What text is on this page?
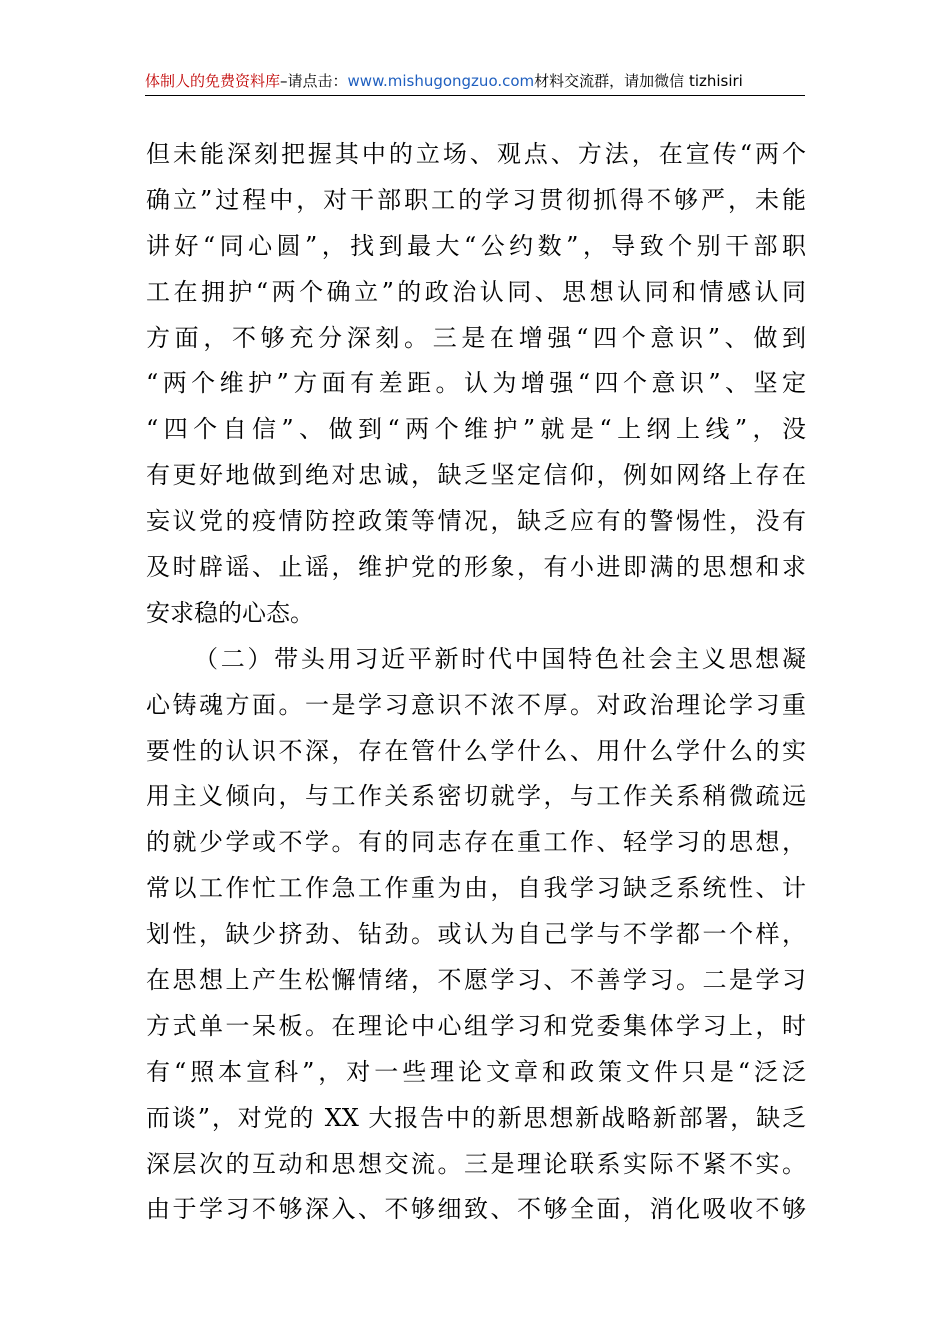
体制人的免费资料库–请点击：www.mishugongzuo.com材料交流群，请加微信 tizhisiri
但未能深刻把握其中的立场、观点、方法，在宣传“两个
确立”过程中，对干部职工的学习贯彻抓得不够严，未能
讲好“同心圆”，找到最大“公约数”，导致个别干部职
工在拥护“两个确立”的政治认同、思想认同和情感认同
方面，不够充分深刻。三是在增强“四个意识”、做到
“两个维护”方面有差距。认为增强“四个意识”、坚定
“四个自信”、做到“两个维护”就是“上纲上线”，没
有更好地做到绝对忠诚，缺乏坚定信仰，例如网络上存在
妄议党的疫情防控政策等情况，缺乏应有的警惕性，没有
及时辟谣、止谣，维护党的形象，有小进即满的思想和求
安求稳的心态。
（二）带头用习近平新时代中国特色社会主义思想凝
心铸魂方面。一是学习意识不浓不厚。对政治理论学习重
要性的认识不深，存在管什么学什么、用什么学什么的实
用主义倾向，与工作关系密切就学，与工作关系稍微疏远
的就少学或不学。有的同志存在重工作、轻学习的思想，
常以工作忙工作急工作重为由，自我学习缺乏系统性、计
划性，缺少挤劲、钻劲。或认为自己学与不学都一个样，
在思想上产生松懈情绪，不愿学习、不善学习。二是学习
方式单一呆板。在理论中心组学习和党委集体学习上，时
有“照本宣科”，对一些理论文章和政策文件只是“泛泛
而谈”，对党的 XX 大报告中的新思想新战略新部署，缺乏
深层次的互动和思想交流。三是理论联系实际不紧不实。
由于学习不够深入、不够细致、不够全面，消化吸收不够
